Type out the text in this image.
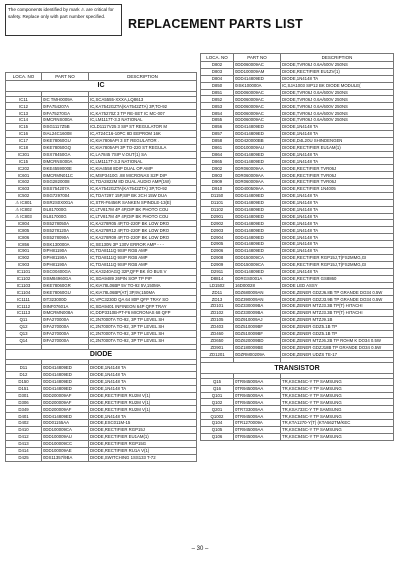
The components identified by mark ⚠ are critical for safety. Replace only with part number specified.
REPLACEMENT PARTS LIST
LOCA. NO	PART NO	DESCRIPTION
IC		

IC11	0IC TMH0009A	IC,SCA5555-XXXA,LQ8613
IC12	0IFA754207A	IC,KA7542GZTA(KA7542ZTA) 3P,TO-92
IC13	0IFA75270GA	IC,KA75270Z 3 TP RE-SET IC MC-007
IC14	0IMCRNS000A	IC,LM1117T-3.3 NATIONAL
IC15	0ISG1117Z5B	ICLD1117V25 3 SIP ST REGULATOR M
IC16	0IAL24C16008	IC,AT24C16-10PC 8D EEPROM 16K
IC17	0IKE78060GU	IC,KIA7806API 3 ST REGULATOR .
IC18	0IKE78050GQ	IC,KIA7805API 3P TO-220 ST REGULA
IC301	0ISX78450GA	IC,LA7845 7SIP V.OUT(1) SA
IC15	0IMCRNS000A	IC,LM1117T-3.3 NATIONAL
IC202	0IKE4559000E	IC,KIA4558 8DIP DUAL OP AMP
IC601	0IMCRMN011C	IC,MSP3410G .88 MICRONAS S2P DIP
IC602	0ISG2820008	IC,TDA2822M 8D DUAL AUDIO AMP(1W)
IC603	0ISS754207A	IC,KA7542GZTA(KA7542ZTA) 3P,TO-92
IC502	0ISG7297004	IC,TDA7297 15P,SIP BK 2CH 15W DUA
⚠ IC801	0ISR2S0X001A	IC,STR-F6456R SANKEN SPINDLE-13(E)
⚠ IC802	0IL817000G	IC,LTV817M 4P 4P,DIP BK PHOTO COU
⚠ IC803	0IL817000G	IC,LTV817M 4P 4P,DIP BK PHOTO COU
IC804	0IS5278050A	IC,KA278R05 4P,TO-220F BK LOW DRO
IC805	0IS5278120A	IC,KA278R12 4P,TO-220F BK LOW DRO
IC806	0IS5278090A	IC,KA278R09 4P,TO-220F BK LOW DRO
IC856	0ISK130000A	IC,SE130N 3P 130V ERROR AMP - - -
IC901	0IPH81190A	IC,TDA8111Q 9SIP RGB AMP
IC902	0IPH81190A	IC,TDA8111Q 9SIP RGB AMP
IC903	0IPH81190A	IC,TDA8111Q 9SIP RGB AMP
IC1101	0ISC00400GA	IC,KA3240AGQ 32P,QFP BK I/O BUS V
IC1102	0ISM84960GA	IC,SDA9489 26PIN SOP TP PIP
IC1103	0IKE78060GR	IC,KIA78L06BP 5V TO-92 5V,150MA
IC1104	0IKE78060GU	IC,KIA78L06BP(AT) 3P,9V,150MA
IC1111	0IT323000D	IC,VPC3230D QA 64 80P QFP TRAY SO
IC1112	0IINF07601A	IC,SDA9401 INFINEON 64P QFP TRAY
IC1113	0IMCRMN008A	IC,DDP3310B-PT-F6 MICRONAS 68 QFP
Q11	0IFA270000A	IC,2N7000TA TO-92, 3P TP LEVEL SH
Q12	0IFA270000A	IC,2N7000TA TO-92, 3P TP LEVEL SH
Q13	0IFA270000A	IC,2N7000TA TO-92, 3P TP LEVEL SH
Q14	0IFA270000A	IC,2N7000TA TO-92, 3P TP LEVEL SH

DIODE		

D11	0DD414809ED	DIODE,1N4148 TA
D12	0DD414809ED	DIODE,1N4148 TA
D150	0DD414809ED	DIODE,1N4148 TA
D151	0DD414809ED	DIODE,1N4148 TA
D301	0DD200009AF	DIODE,RECTIFIER RU2M V(1)
D306	0DD200009AF	DIODE,RECTIFIER RU2M V(1)
D349	0DD200009AF	DIODE,RECTIFIER RU2M V(1)
D401	0DD414809ED	DIODE,1N4148 TA
D402	0DD01155AA	DIODE,ESC011M-15
D410	0DD100009CA	DIODE,RECTIFIER RGP15J
D412	0DD100009AU	DIODE,RECTIFIER EU1AM(1)
D413	0DD100009CC	DIODE,RECTIFIER RGP15G
D414	0DD100009AE	DIODE,RECTIFIER RU1A V(1)
D425	0DS11357/9BA	DIODE,SWITCHING 1SS133 T-72
LOCA. NO	PART NO	DESCRIPTION
D802	0DD060009AC	DIODE,TVR06J 0.6A/600V 250NS
D803	0DD100009AM	DIODE,RECTIFIER EU1ZV(1)
D804	0DD414809ED	DIODE,1N4148 TA
D850	0ISK100000A	IC,SJA1003 SIP12 BK DIODE MODULE(
D851	0DD060009AC	DIODE,TVR06J 0.6A/600V 250NS
D852	0DD060009AC	DIODE,TVR06J 0.6A/600V 250NS
D853	0DD060009AC	DIODE,TVR06J 0.6A/600V 250NS
D854	0DD060009AC	DIODE,TVR06J 0.6A/600V 250NS
D855	0DD060009AC	DIODE,TVR06J 0.6A/600V 250NS
D856	0DD414809ED	DIODE,1N4148 TA
D857	0DD414809ED	DIODE,1N4148 TA
D858	0DD420000BB	DIODE,D4L20U SHINDENGEN
D861	0DD100009AU	DIODE,RECTIFIER EU1AM(1)
D864	0DD414809ED	DIODE,1N4148 TA
D865	0DD414809ED	DIODE,1N4148 TA
D902	0DR060009AA	DIODE,RECTIFIER TVR06J
D903	0DR060009AA	DIODE,RECTIFIER TVR06J
D909	0DR060009AA	DIODE,RECTIFIER TVR06J
D910	0DD400509AA	DIODE,RECTIFIER 1N4005
D1150	0DD414809ED	DIODE,1N4148 TA
D1101	0DD414809ED	DIODE,1N4148 TA
D1102	0DD414809ED	DIODE,1N4148 TA
D2901	0DD414809ED	DIODE,1N4148 TA
D2902	0DD414809ED	DIODE,1N4148 TA
D2903	0DD414809ED	DIODE,1N4148 TA
D2904	0DD414809ED	DIODE,1N4148 TA
D2905	0DD414809ED	DIODE,1N4148 TA
D2906	0DD414809ED	DIODE,1N4148 TA
D2908	0DD150009CA	DIODE,RECTIFIER RGP15J,T(FS2MMG,GI
D2909	0DD150009CA	DIODE,RECTIFIER RGP15J,T(FS2MMG,GI
D2911	0DD414809ED	DIODE,1N4148 TA
D8814	0DRGS0001A	DIODE,RECTIFIER GS8860
LD1502	16D00028	DIODE LED ASSY
ZD11	0DZ680009AN	DIODE,ZENER GDZJ6.8B TP GRANDE DO34 0.5W
ZD13	0DZ390009AN	DIODE,ZENER GDZJ3.9B TP GRANDE DO34 0.5W
ZD101	0DZ330009BA	DIODE,ZENER MTZJ3.3B TP(T) HITACHI
ZD102	0DZ330009BA	DIODE,ZENER MTZJ3.3B TP(T) HITACHI
ZD105	0DZ910009AJ	DIODE,ZENER MTZJ9.1B
ZD403	0DZ510009BF	DIODE,ZENER GDZ5.1B TP
ZD460	0DZ510009BF	DIODE,ZENER GDZ5.1B TP
ZD650	0DZ620009BD	DIODE,ZENER MTZJ6.2B TP ROHM K DO34 0.5W
ZD901	0DZ180009BE	DIODE,ZENER GDZJ18B TP GRANDE DO34 0.5W
ZD1201	0DZRM00209A	DIODE,ZENER UDZS TE-17

TRANSISTOR		

Q15	0TR945009AA	TR,KSC945C-Y TP SAMSUNG
Q16	0TR945009AA	TR,KSC945C-Y TP SAMSUNG
Q101	0TR945009AA	TR,KSC945C-Y TP SAMSUNG
Q102	0TR945009AA	TR,KSC945C-Y TP SAMSUNG
Q201	0TR733009AA	TR,KSA733C-Y TP SAMSUNG
Q1002	0TR945009AA	TR,KSC945C-Y TP SAMSUNG
Q104	0TR1270009A	TR,KTA1270-Y(T) (KTA562TM/KEC
Q105	0TR945009AA	TR,KSC945C-Y TP SAMSUNG
Q106	0TR945009AA	TR,KSC945C-Y TP SAMSUNG
– 30 –
